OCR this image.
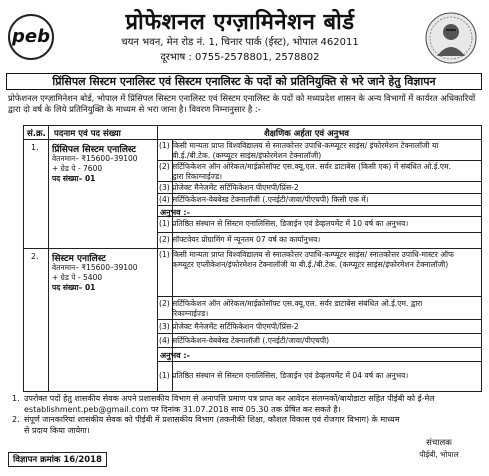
peb
प्रोफेशनल एग्ज़ामिनेशन बोर्ड
चयन भवन, मेन रोड नं. 1, चिनार पार्क (ईस्ट), भोपाल 462011
दूरभाष : 0755-2578801, 2578802
प्रिंसिपल सिस्टम एनालिस्ट एवं सिस्टम एनालिस्ट के पदों को प्रतिनियुक्ति से भरे जाने हेतु विज्ञापन
प्रोफेशनल एग्ज़ामिनेशन बोर्ड, भोपाल में प्रिंसिपल सिस्टम एनालिस्ट एवं सिस्टम एनालिस्ट के पदों को मध्यप्रदेश शासन के अन्य विभागों में कार्यरत अधिकारियों द्वारा दो वर्ष के लिये प्रतिनियुक्ति के माध्यम से भरा जाना है। विवरण निम्नानुसार है :-
सं.क्र. पदनाम एवं पद संख्या	शैक्षणिक अर्हता एवं अनुभव
1. प्रिंसिपल सिस्टम एनालिस्ट
वेतनमान– ₹15600–39100
+ ग्रेड पे - 7600
पद संख्या– 01
(1) किसी मान्यता प्राप्त विश्वविद्यालय से स्नातकोत्तर उपाधि-कम्प्यूटर साइंस/ इंफोरमेशन टेक्नालॉजी या बी.ई./बी.टेक. (कम्प्यूटर साइंस/इंफोरमेशन टेक्नालॉजी)
(2) सर्टिफिकेशन ऑन ओरेकल/माईक्रोसॉफ्ट एस.क्यू.एल. सर्वर डाटाबेस (किसी एक) में संबंधित ओ.ई.एम. द्वारा रिकाग्नाईज्ड।
(3) प्रोजेक्ट मैनेजमेंट सर्टिफिकेशन पीएमपी/प्रिंस-2
(4) सर्टिफिकेशन-वेबबेस्ड टेक्नालॉजी (.एनईटी/जावा/पीएचपी) किसी एक में।
अनुभव :-
(1) प्रतिष्ठित संस्थान से सिस्टम एनालिसिस, डिजाईन एवं डेव्हलपमेंट में 10 वर्ष का अनुभव।
(2) सॉफ्टवेयर प्रोग्रामिंग में न्यूनतम 07 वर्ष का कार्यानुभव।
2. सिस्टम एनालिस्ट
वेतनमान– ₹15600–39100
+ ग्रेड पे - 5400
पद संख्या– 01
(1) किसी मान्यता प्राप्त विश्वविद्यालय से स्नातकोत्तर उपाधि-कम्प्यूटर साइंस/ स्नातकोत्तर उपाधि-मास्टर ऑफ कम्प्यूटर एप्लीकेशन/इंफोरमेशन टेक्नालॉजी या बी.ई./बी.टेक. (कम्प्यूटर साइंस/इंफोरमेशन टेक्नालॉजी)
(2) सर्टिफिकेशन ऑन ओरेकल/माईक्रोसॉफ्ट एस.क्यू.एल. सर्वर डाटाबेस संबंधित ओ.ई.एम. द्वारा रिकाग्नाईज्ड।
(3) प्रोजेक्ट मैनेजमेंट सर्टिफिकेशन पीएमपी/प्रिंस-2
(4) सर्टिफिकेशन-वेबबेस्ड टेक्नालॉजी (.एनईटी/जावा/पीएचपी)
अनुभव :-
(1) प्रतिष्ठित संस्थान से सिस्टम एनालिसिस, डिजाईन एवं डेव्हलपमेंट में 04 वर्ष का अनुभव।
1. उपरोक्त पदों हेतु शासकीय सेवक अपने प्रशासकीय विभाग से अनापत्ति प्रमाण पत्र प्राप्त कर आवेदन संलग्नकों/बायोडाटा सहित पीईबी को ई-मेल establishment.peb@gmail.com पर दिनांक 31.07.2018 सायं 05.30 तक प्रेषित कर सकते है।
2. संपूर्ण जानकारियां शासकीय सेवक को पीईबी में प्रशासकीय विभाग (तकनीकी शिक्षा, कौशल विकास एवं रोजगार विभाग) के माध्यम से प्रदाय किया जायेगा।
विज्ञापन क्रमांक 16/2018
संचालक
पीईबी, भोपाल
